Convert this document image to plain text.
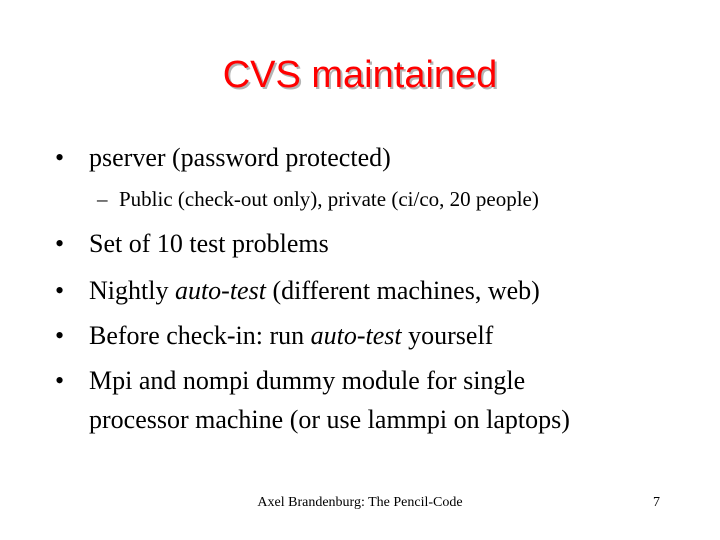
CVS maintained
• pserver (password protected)
– Public (check-out only), private (ci/co, 20 people)
• Set of 10 test problems
• Nightly auto-test (different machines, web)
• Before check-in: run auto-test yourself
• Mpi and nompi dummy module for single
processor machine (or use lammpi on laptops)
Axel Brandenburg: The Pencil-Code	7
